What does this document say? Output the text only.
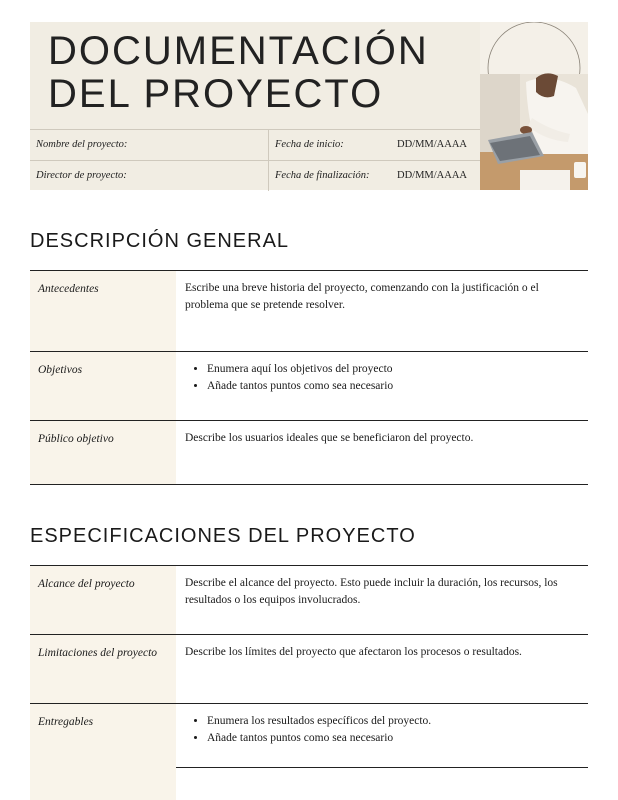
DOCUMENTACIÓN
DEL PROYECTO
Nombre del proyecto:	Fecha de inicio:	DD/MM/AAAA
Director de proyecto:	Fecha de finalización:	DD/MM/AAAA
DESCRIPCIÓN GENERAL
Antecedentes	Escribe una breve historia del proyecto, comenzando con la justificación o el problema que se pretende resolver.
Objetivos	• Enumera aquí los objetivos del proyecto
• Añade tantos puntos como sea necesario
Público objetivo	Describe los usuarios ideales que se beneficiaron del proyecto.
ESPECIFICACIONES DEL PROYECTO
Alcance del proyecto	Describe el alcance del proyecto. Esto puede incluir la duración, los recursos, los resultados o los equipos involucrados.
Limitaciones del proyecto	Describe los límites del proyecto que afectaron los procesos o resultados.
Entregables	• Enumera los resultados específicos del proyecto.
• Añade tantos puntos como sea necesario
